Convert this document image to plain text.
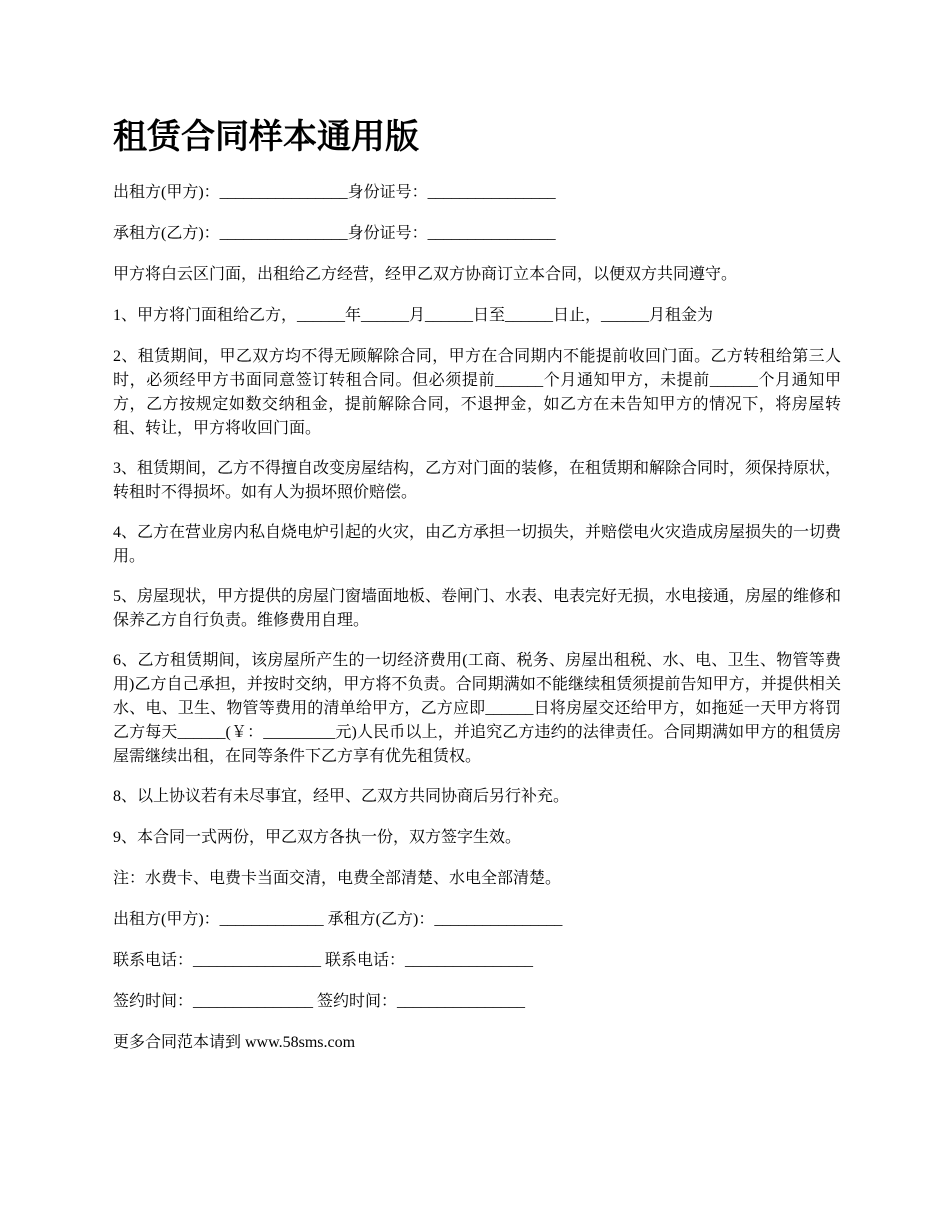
租赁合同样本通用版

出租方(甲方)：________________身份证号：________________

承租方(乙方)：________________身份证号：________________

甲方将白云区门面，出租给乙方经营，经甲乙双方协商订立本合同，以便双方共同遵守。

1、甲方将门面租给乙方，______年______月______日至______日止，______月租金为

2、租赁期间，甲乙双方均不得无顾解除合同，甲方在合同期内不能提前收回门面。乙方转租给第三人时，必须经甲方书面同意签订转租合同。但必须提前______个月通知甲方，未提前______个月通知甲方，乙方按规定如数交纳租金，提前解除合同，不退押金，如乙方在未告知甲方的情况下，将房屋转租、转让，甲方将收回门面。

3、租赁期间，乙方不得擅自改变房屋结构，乙方对门面的装修，在租赁期和解除合同时，须保持原状，转租时不得损坏。如有人为损坏照价赔偿。

4、乙方在营业房内私自烧电炉引起的火灾，由乙方承担一切损失，并赔偿电火灾造成房屋损失的一切费用。

5、房屋现状，甲方提供的房屋门窗墙面地板、卷闸门、水表、电表完好无损，水电接通，房屋的维修和保养乙方自行负责。维修费用自理。

6、乙方租赁期间，该房屋所产生的一切经济费用(工商、税务、房屋出租税、水、电、卫生、物管等费用)乙方自己承担，并按时交纳，甲方将不负责。合同期满如不能继续租赁须提前告知甲方，并提供相关水、电、卫生、物管等费用的清单给甲方，乙方应即______日将房屋交还给甲方，如拖延一天甲方将罚乙方每天______(￥：_________元)人民币以上，并追究乙方违约的法律责任。合同期满如甲方的租赁房屋需继续出租，在同等条件下乙方享有优先租赁权。

8、以上协议若有未尽事宜，经甲、乙双方共同协商后另行补充。

9、本合同一式两份，甲乙双方各执一份，双方签字生效。

注：水费卡、电费卡当面交清，电费全部清楚、水电全部清楚。

出租方(甲方)：_____________ 承租方(乙方)：________________

联系电话：________________ 联系电话：________________

签约时间：_______________ 签约时间：________________

更多合同范本请到 www.58sms.com
